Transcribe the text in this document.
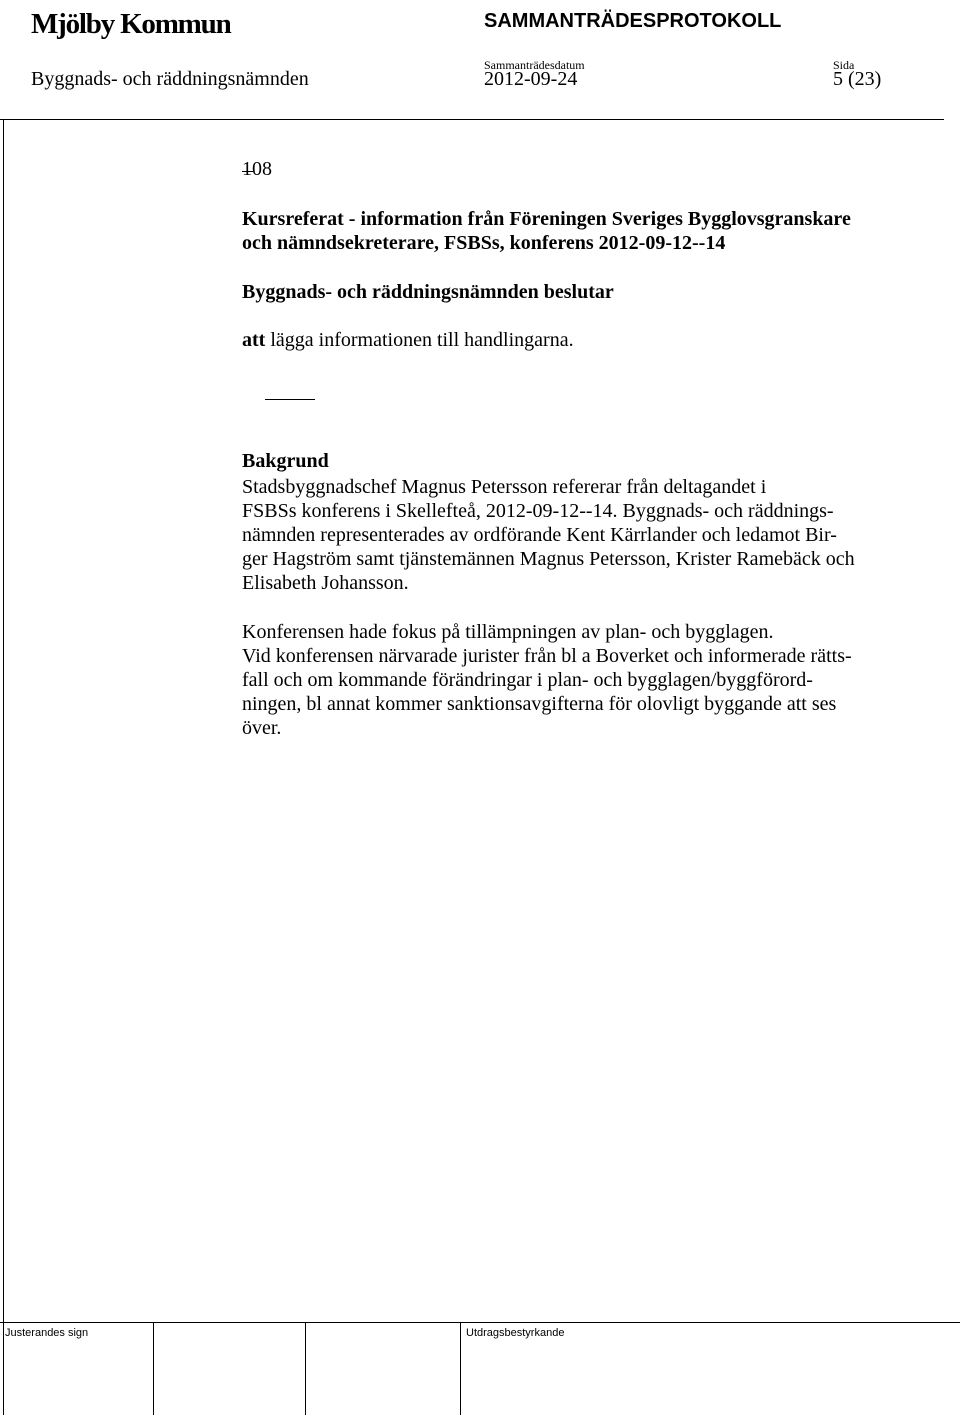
Mjölby Kommun	SAMMANTRÄDESPROTOKOLL
Sammanträdesdatum	Sida
Byggnads- och räddningsnämnden	2012-09-24	5 (23)
108
Kursreferat - information från Föreningen Sveriges Bygglovsgranskare
och nämndsekreterare, FSBSs, konferens 2012-09-12--14
Byggnads- och räddningsnämnden beslutar
att lägga informationen till handlingarna.
Bakgrund
Stadsbyggnadschef Magnus Petersson refererar från deltagandet i
FSBSs konferens i Skellefteå, 2012-09-12--14. Byggnads- och räddnings-
nämnden representerades av ordförande Kent Kärrlander och ledamot Bir-
ger Hagström samt tjänstemännen Magnus Petersson, Krister Ramebäck och
Elisabeth Johansson.
Konferensen hade fokus på tillämpningen av plan- och bygglagen.
Vid konferensen närvarade jurister från bl a Boverket och informerade rätts-
fall och om kommande förändringar i plan- och bygglagen/byggförord-
ningen, bl annat kommer sanktionsavgifterna för olovligt byggande att ses
över.
Justerandes sign	Utdragsbestyrkande
